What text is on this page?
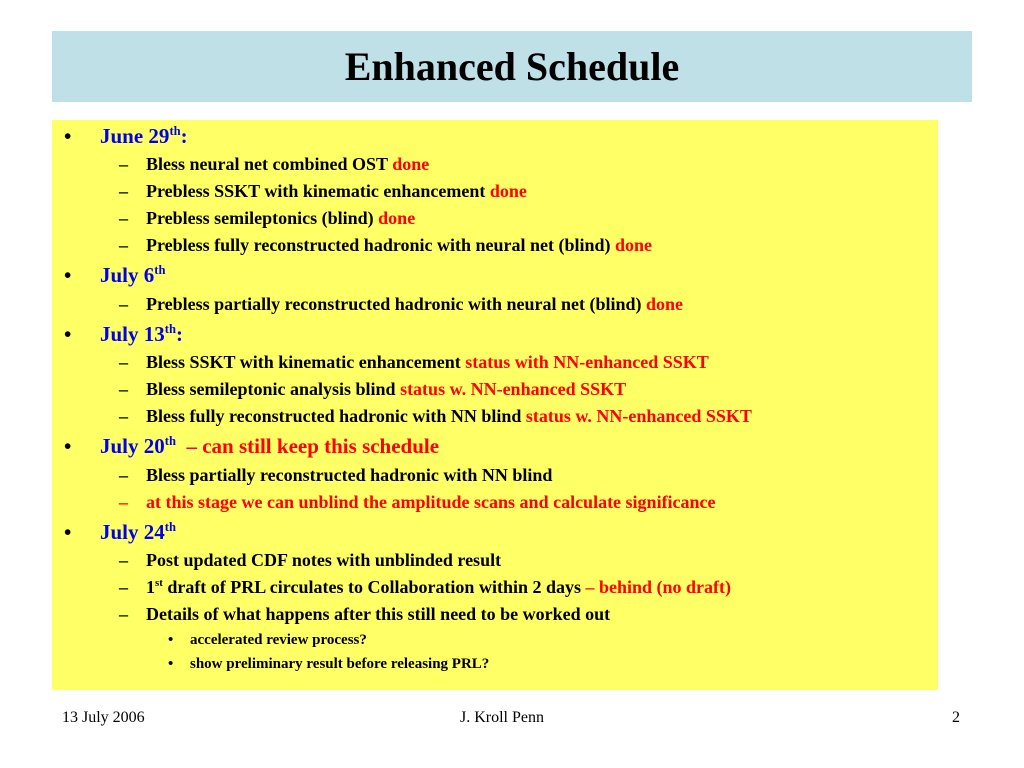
Enhanced Schedule
• June 29th:
– Bless neural net combined OST done
– Prebless SSKT with kinematic enhancement done
– Prebless semileptonics (blind) done
– Prebless fully reconstructed hadronic with neural net (blind) done
• July 6th
– Prebless partially reconstructed hadronic with neural net (blind) done
• July 13th:
– Bless SSKT with kinematic enhancement status with NN-enhanced SSKT
– Bless semileptonic analysis blind status w. NN-enhanced SSKT
– Bless fully reconstructed hadronic with NN blind status w. NN-enhanced SSKT
• July 20th – can still keep this schedule
– Bless partially reconstructed hadronic with NN blind
– at this stage we can unblind the amplitude scans and calculate significance
• July 24th
– Post updated CDF notes with unblinded result
– 1st draft of PRL circulates to Collaboration within 2 days – behind (no draft)
– Details of what happens after this still need to be worked out
• accelerated review process?
• show preliminary result before releasing PRL?
13 July 2006	J. Kroll Penn	2
